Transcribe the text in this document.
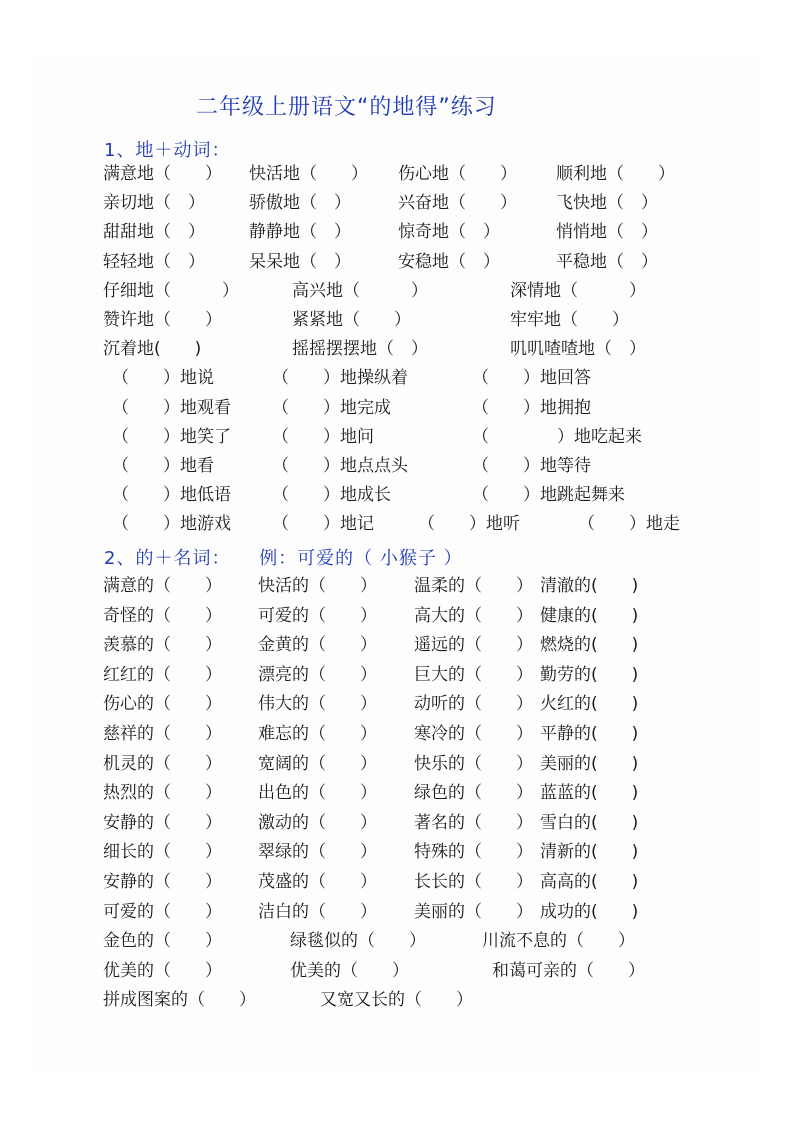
二年级上册语文“的地得”练习
1、地＋动词：
满意地（　　） 快活地（　　） 伤心地（　　） 顺利地（　　）
亲切地（　）	骄傲地（　）	兴奋地（　　） 飞快地（　）
甜甜地（　）	静静地（　）	惊奇地（　）	悄悄地（　）
轻轻地（　）	呆呆地（　）	安稳地（　）	平稳地（　）
仔细地（　　　）	高兴地（　　　）	深情地（　　　）
赞许地（　　）	紧紧地（　　）	牢牢地（　　）
沉着地(　　)	摇摇摆摆地（　）	叽叽喳喳地（　）
（　　）地说	（　　）地操纵着	（　　）地回答
（　　）地观看 （　　）地完成	（　　）地拥抱
（　　）地笑了 （　　）地问	（　　　　）地吃起来
（　　）地看	（　　）地点点头	（　　）地等待
（　　）地低语 （　　）地成长	（　　）地跳起舞来
（　　）地游戏 （　　）地记	（　　）地听	（　　）地走
2、的＋名词： 例：可爱的（ 小猴子 ）
满意的（　　） 快活的（　　） 温柔的（　　） 清澈的(　　)
奇怪的（　　） 可爱的（　　） 高大的（　　） 健康的(　　)
羡慕的（　　） 金黄的（　　） 遥远的（　　） 燃烧的(　　)
红红的（　　） 漂亮的（　　） 巨大的（　　） 勤劳的(　　)
伤心的（　　） 伟大的（　　） 动听的（　　） 火红的(　　)
慈祥的（　　） 难忘的（　　） 寒冷的（　　） 平静的(　　)
机灵的（　　） 宽阔的（　　） 快乐的（　　） 美丽的(　　)
热烈的（　　） 出色的（　　） 绿色的（　　） 蓝蓝的(　　)
安静的（　　） 激动的（　　） 著名的（　　） 雪白的(　　)
细长的（　　） 翠绿的（　　） 特殊的（　　） 清新的(　　)
安静的（　　） 茂盛的（　　） 长长的（　　） 高高的(　　)
可爱的（　　） 洁白的（　　） 美丽的（　　） 成功的(　　)
金色的（　　）	绿毯似的（　　）	川流不息的（　　）
优美的（　　）	优美的（　　）	和蔼可亲的（　　）
拼成图案的（　　）	又宽又长的（　　）
